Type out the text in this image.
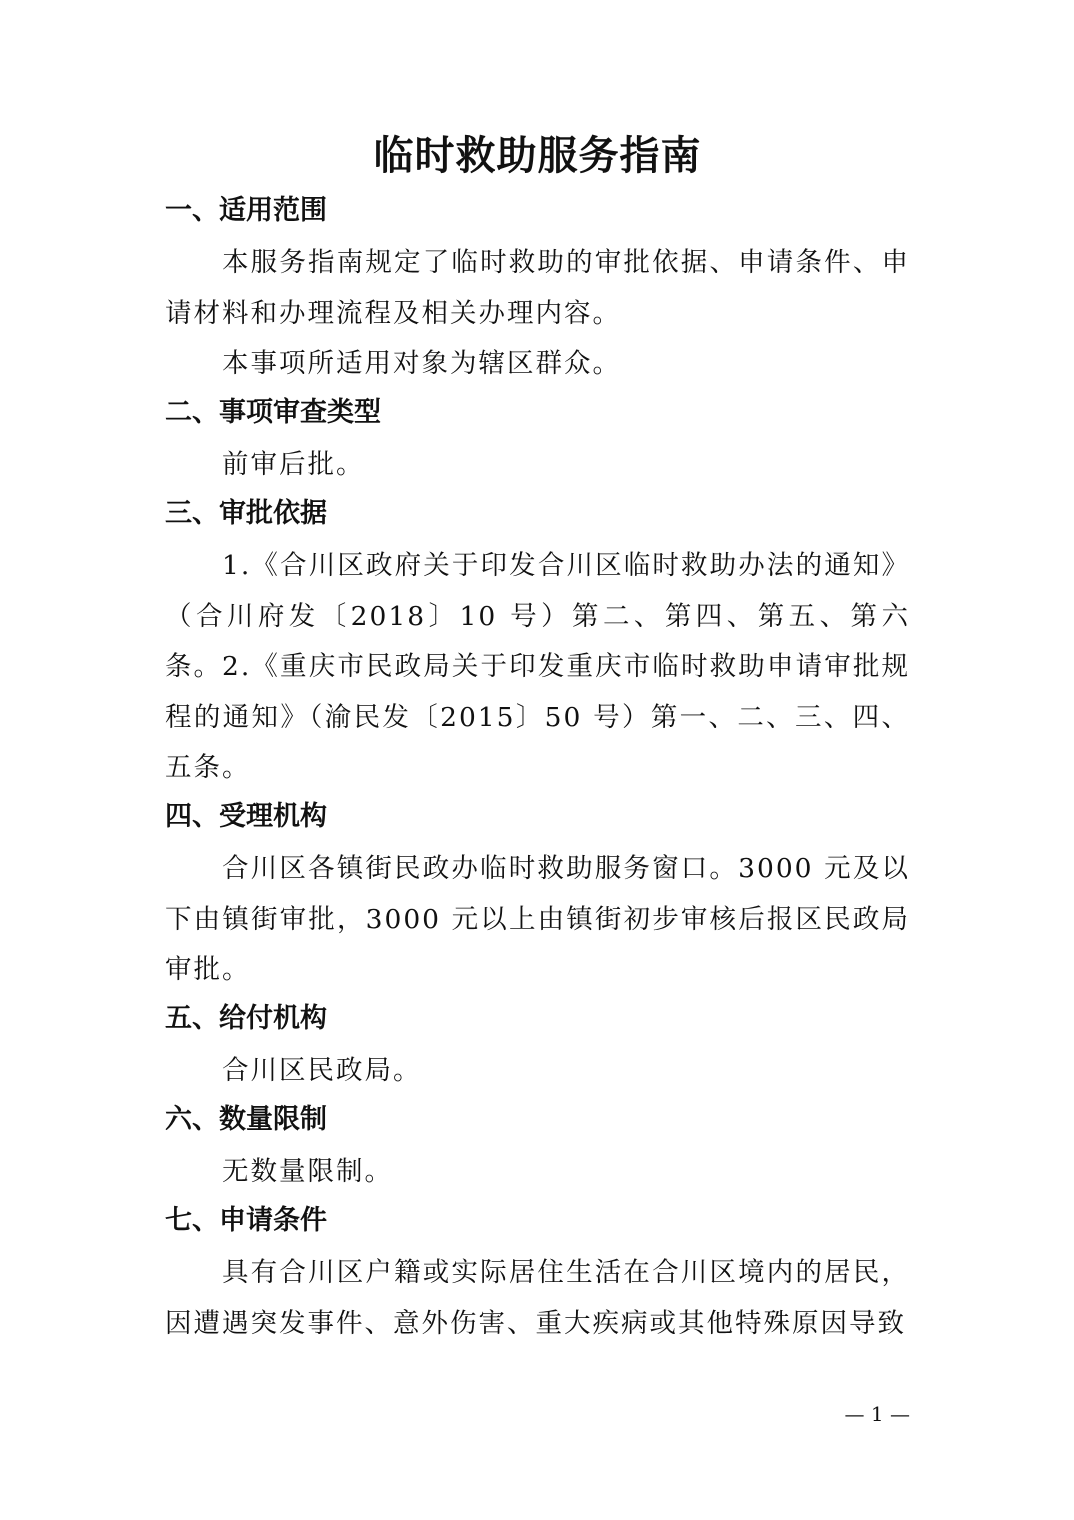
临时救助服务指南
一、适用范围

本服务指南规定了临时救助的审批依据、申请条件、申请材料和办理流程及相关办理内容。

本事项所适用对象为辖区群众。

二、事项审查类型

前审后批。

三、审批依据

1.《合川区政府关于印发合川区临时救助办法的通知》（合川府发〔2018〕10 号）第二、第四、第五、第六条。 2.《重庆市民政局关于印发重庆市临时救助申请审批规程的通知》（渝民发〔2015〕50 号）第一、二、三、四、五条。

四、受理机构

合川区各镇街民政办临时救助服务窗口。3000 元及以下由镇街审批，3000 元以上由镇街初步审核后报区民政局审批。

五、给付机构

合川区民政局。

六、数量限制

无数量限制。

七、申请条件

具有合川区户籍或实际居住生活在合川区境内的居民，因遭遇突发事件、意外伤害、重大疾病或其他特殊原因导致

— 1 —
